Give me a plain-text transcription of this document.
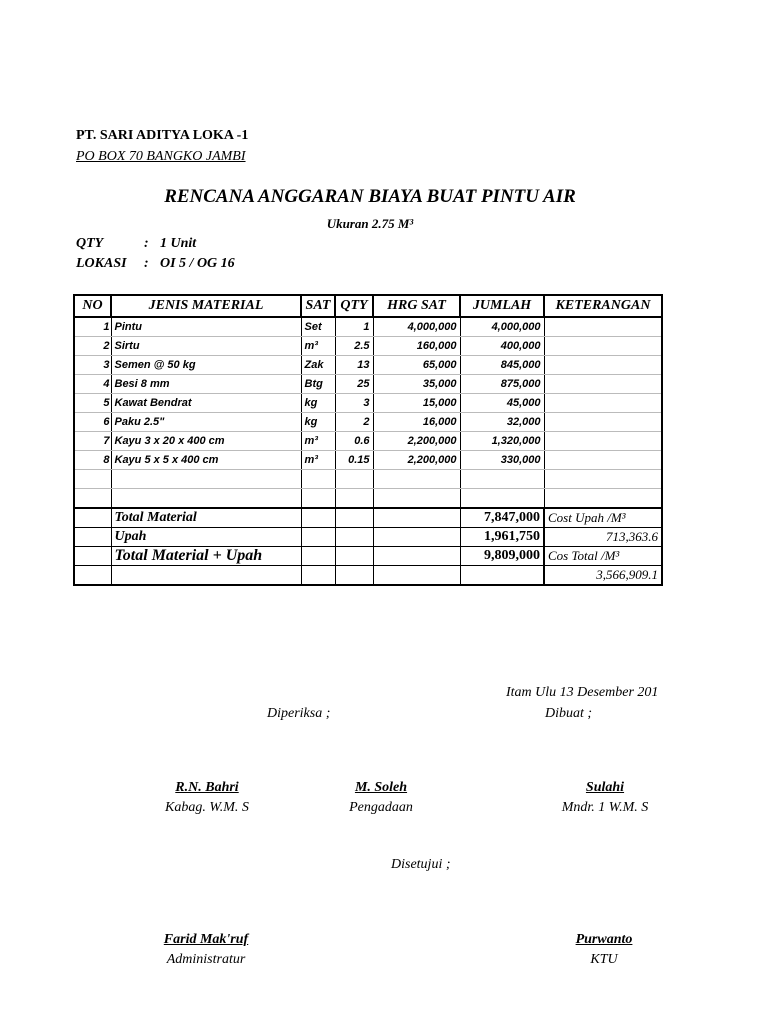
PT. SARI ADITYA LOKA -1
PO BOX 70 BANGKO JAMBI
RENCANA ANGGARAN BIAYA BUAT PINTU AIR
Ukuran 2.75 M³
QTY	: 1 Unit
LOKASI : OI 5 / OG 16
NO	JENIS MATERIAL	SAT	QTY	HRG SAT	JUMLAH	KETERANGAN
1	Pintu	Set	1	4,000,000	4,000,000	
2	Sirtu	m³	2.5	160,000	400,000	
3	Semen @ 50 kg	Zak	13	65,000	845,000	
4	Besi 8 mm	Btg	25	35,000	875,000	
5	Kawat Bendrat	kg	3	15,000	45,000	
6	Paku 2.5"	kg	2	16,000	32,000	
7	Kayu 3 x 20 x 400 cm	m³	0.6	2,200,000	1,320,000	
8	Kayu 5 x 5 x 400 cm	m³	0.15	2,200,000	330,000	

	Total Material				7,847,000	Cost Upah /M³
	Upah				1,961,750	713,363.6
	Total Material + Upah				9,809,000	Cos Total /M³
						3,566,909.1
Itam Ulu 13 Desember 201
Diperiksa ;	Dibuat ;
R.N. Bahri
Kabag. W.M. S
M. Soleh
Pengadaan
Sulahi
Mndr. 1 W.M. S
Disetujui ;
Farid Mak'ruf
Administratur
Purwanto
KTU
